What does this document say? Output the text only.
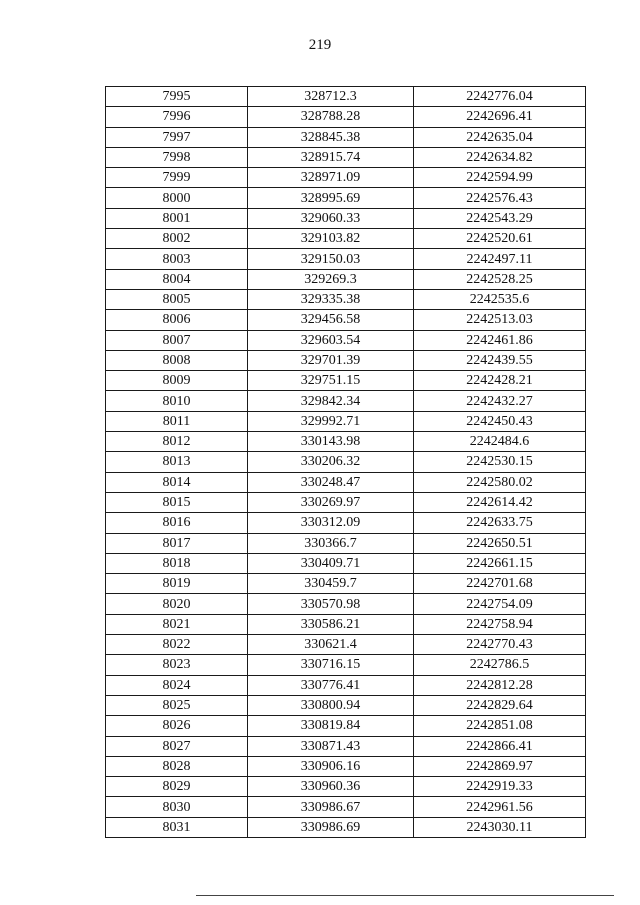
219
7995	328712.3	2242776.04
7996	328788.28	2242696.41
7997	328845.38	2242635.04
7998	328915.74	2242634.82
7999	328971.09	2242594.99
8000	328995.69	2242576.43
8001	329060.33	2242543.29
8002	329103.82	2242520.61
8003	329150.03	2242497.11
8004	329269.3	2242528.25
8005	329335.38	2242535.6
8006	329456.58	2242513.03
8007	329603.54	2242461.86
8008	329701.39	2242439.55
8009	329751.15	2242428.21
8010	329842.34	2242432.27
8011	329992.71	2242450.43
8012	330143.98	2242484.6
8013	330206.32	2242530.15
8014	330248.47	2242580.02
8015	330269.97	2242614.42
8016	330312.09	2242633.75
8017	330366.7	2242650.51
8018	330409.71	2242661.15
8019	330459.7	2242701.68
8020	330570.98	2242754.09
8021	330586.21	2242758.94
8022	330621.4	2242770.43
8023	330716.15	2242786.5
8024	330776.41	2242812.28
8025	330800.94	2242829.64
8026	330819.84	2242851.08
8027	330871.43	2242866.41
8028	330906.16	2242869.97
8029	330960.36	2242919.33
8030	330986.67	2242961.56
8031	330986.69	2243030.11
